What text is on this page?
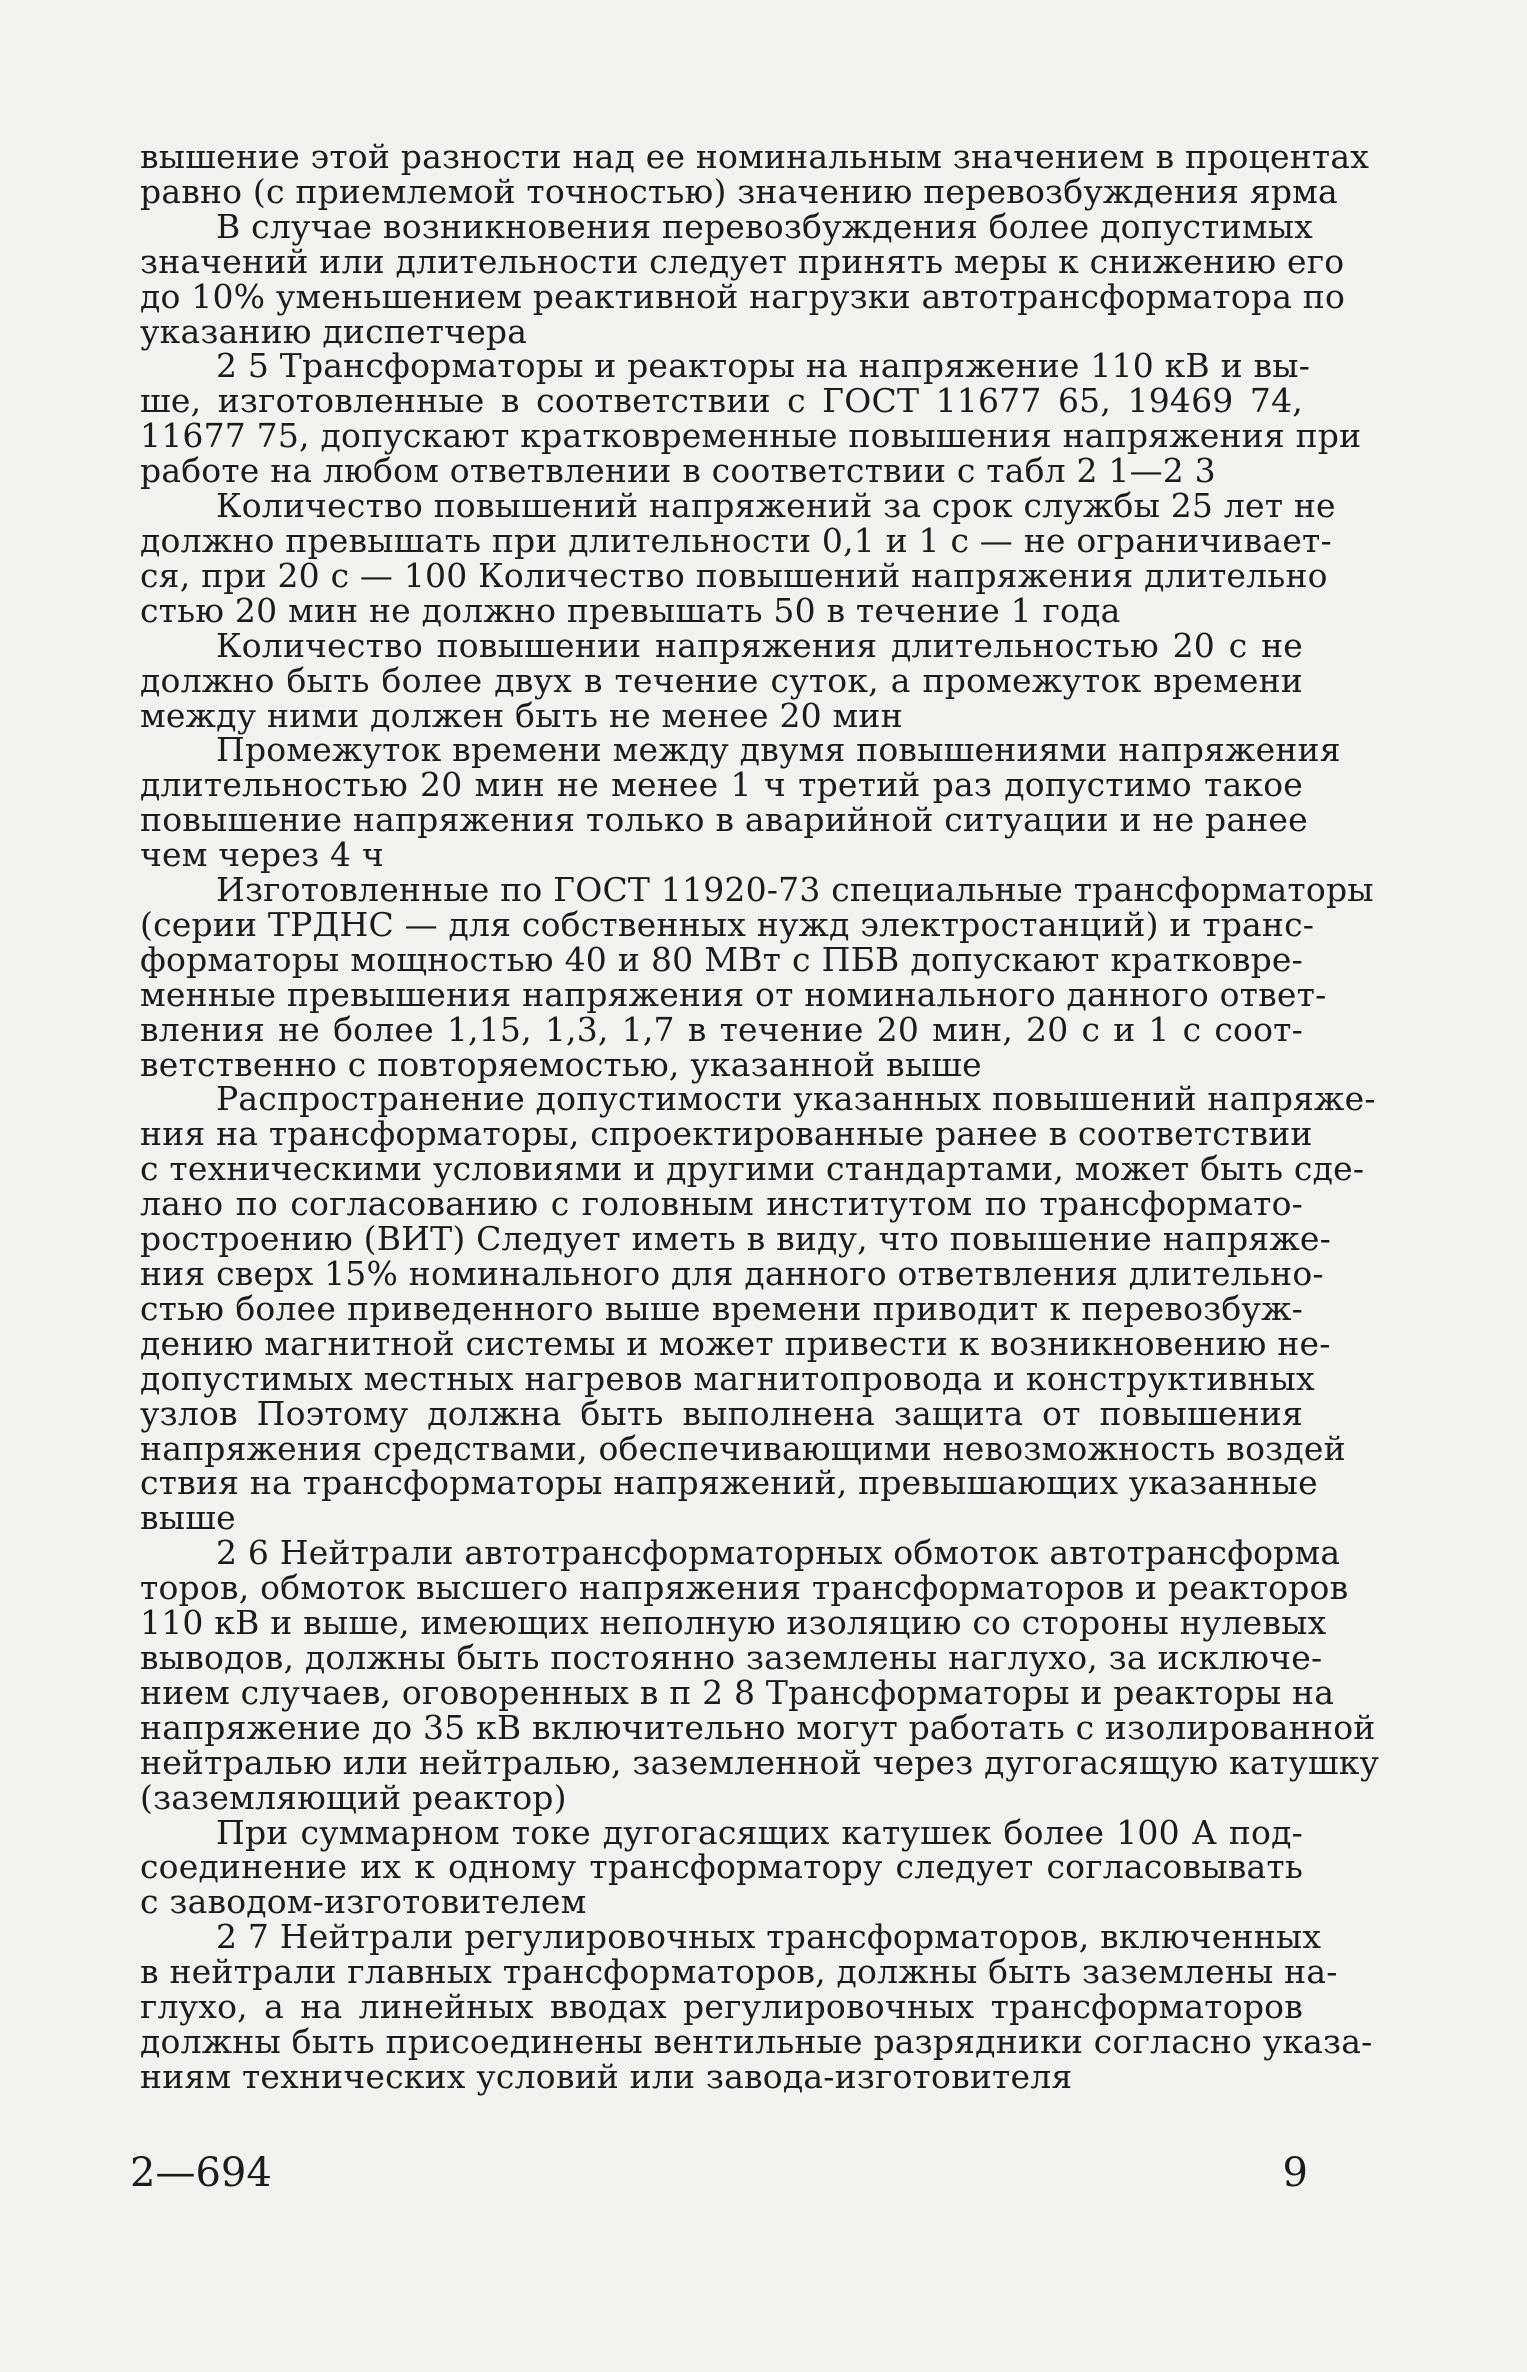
вышение этой разности над ее номинальным значением в процентах
равно (с приемлемой точностью) значению перевозбуждения ярма
В случае возникновения перевозбуждения более допустимых
значений или длительности следует принять меры к снижению его
до 10% уменьшением реактивной нагрузки автотрансформатора по
указанию диспетчера
2 5 Трансформаторы и реакторы на напряжение 110 кВ и вы-
ше, изготовленные в соответствии с ГОСТ 11677 65, 19469 74,
11677 75, допускают кратковременные повышения напряжения при
работе на любом ответвлении в соответствии с табл 2 1—2 3
Количество повышений напряжений за срок службы 25 лет не
должно превышать при длительности 0,1 и 1 с — не ограничивает-
ся, при 20 с — 100 Количество повышений напряжения длительно
стью 20 мин не должно превышать 50 в течение 1 года
Количество повышении напряжения длительностью 20 с не
должно быть более двух в течение суток, а промежуток времени
между ними должен быть не менее 20 мин
Промежуток времени между двумя повышениями напряжения
длительностью 20 мин не менее 1 ч третий раз допустимо такое
повышение напряжения только в аварийной ситуации и не ранее
чем через 4 ч
Изготовленные по ГОСТ 11920-73 специальные трансформаторы
(серии ТРДНС — для собственных нужд электростанций) и транс-
форматоры мощностью 40 и 80 МВт с ПБВ допускают кратковре-
менные превышения напряжения от номинального данного ответ-
вления не более 1,15, 1,3, 1,7 в течение 20 мин, 20 с и 1 с соот-
ветственно с повторяемостью, указанной выше
Распространение допустимости указанных повышений напряже-
ния на трансформаторы, спроектированные ранее в соответствии
с техническими условиями и другими стандартами, может быть сде-
лано по согласованию с головным институтом по трансформато-
ростроению (ВИТ) Следует иметь в виду, что повышение напряже-
ния сверх 15% номинального для данного ответвления длительно-
стью более приведенного выше времени приводит к перевозбуж-
дению магнитной системы и может привести к возникновению не-
допустимых местных нагревов магнитопровода и конструктивных
узлов Поэтому должна быть выполнена защита от повышения
напряжения средствами, обеспечивающими невозможность воздей
ствия на трансформаторы напряжений, превышающих указанные
выше
2 6 Нейтрали автотрансформаторных обмоток автотрансформа
торов, обмоток высшего напряжения трансформаторов и реакторов
110 кВ и выше, имеющих неполную изоляцию со стороны нулевых
выводов, должны быть постоянно заземлены наглухо, за исключе-
нием случаев, оговоренных в п 2 8 Трансформаторы и реакторы на
напряжение до 35 кВ включительно могут работать с изолированной
нейтралью или нейтралью, заземленной через дугогасящую катушку
(заземляющий реактор)
При суммарном токе дугогасящих катушек более 100 А под-
соединение их к одному трансформатору следует согласовывать
с заводом-изготовителем
2 7 Нейтрали регулировочных трансформаторов, включенных
в нейтрали главных трансформаторов, должны быть заземлены на-
глухо, а на линейных вводах регулировочных трансформаторов
должны быть присоединены вентильные разрядники согласно указа-
ниям технических условий или завода-изготовителя
2—694	9
